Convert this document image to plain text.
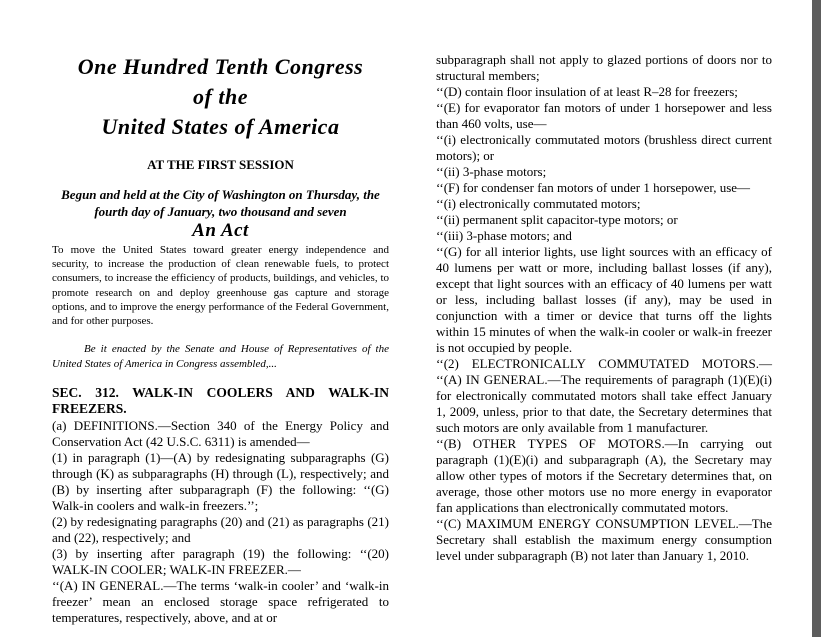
One Hundred Tenth Congress
of the
United States of America
AT THE FIRST SESSION
Begun and held at the City of Washington on Thursday, the fourth day of January, two thousand and seven
An Act
To move the United States toward greater energy independence and security, to increase the production of clean renewable fuels, to protect consumers, to increase the efficiency of products, buildings, and vehicles, to promote research on and deploy greenhouse gas capture and storage options, and to improve the energy performance of the Federal Government, and for other purposes.
Be it enacted by the Senate and House of Representatives of the United States of America in Congress assembled,...
SEC. 312. WALK-IN COOLERS AND WALK-IN FREEZERS.

(a) DEFINITIONS.—Section 340 of the Energy Policy and Conservation Act (42 U.S.C. 6311) is amended—

(1) in paragraph (1)—(A) by redesignating subparagraphs (G) through (K) as subparagraphs (H) through (L), respectively; and (B) by inserting after subparagraph (F) the following: ‘‘(G) Walk-in coolers and walk-in freezers.’’;

(2) by redesignating paragraphs (20) and (21) as paragraphs (21) and (22), respectively; and

(3) by inserting after paragraph (19) the following: ‘‘(20) WALK-IN COOLER; WALK-IN FREEZER.—

‘‘(A) IN GENERAL.—The terms ‘walk-in cooler’ and ‘walk-in freezer’ mean an enclosed storage space refrigerated to temperatures, respectively, above, and at or

subparagraph shall not apply to glazed portions of doors nor to structural members;

‘‘(D) contain floor insulation of at least R–28 for freezers;

‘‘(E) for evaporator fan motors of under 1 horsepower and less than 460 volts, use—

‘‘(i) electronically commutated motors (brushless direct current motors); or

‘‘(ii) 3-phase motors;

‘‘(F) for condenser fan motors of under 1 horsepower, use—

‘‘(i) electronically commutated motors;

‘‘(ii) permanent split capacitor-type motors; or

‘‘(iii) 3-phase motors; and

‘‘(G) for all interior lights, use light sources with an efficacy of 40 lumens per watt or more, including ballast losses (if any), except that light sources with an efficacy of 40 lumens per watt or less, including ballast losses (if any), may be used in conjunction with a timer or device that turns off the lights within 15 minutes of when the walk-in cooler or walk-in freezer is not occupied by people.

‘‘(2) ELECTRONICALLY COMMUTATED MOTORS.—

‘‘(A) IN GENERAL.—The requirements of paragraph (1)(E)(i) for electronically commutated motors shall take effect January 1, 2009, unless, prior to that date, the Secretary determines that such motors are only available from 1 manufacturer.

‘‘(B) OTHER TYPES OF MOTORS.—In carrying out paragraph (1)(E)(i) and subparagraph (A), the Secretary may allow other types of motors if the Secretary determines that, on average, those other motors use no more energy in evaporator fan applications than electronically commutated motors.

‘‘(C) MAXIMUM ENERGY CONSUMPTION LEVEL.—The Secretary shall establish the maximum energy consumption level under subparagraph (B) not later than January 1, 2010.
